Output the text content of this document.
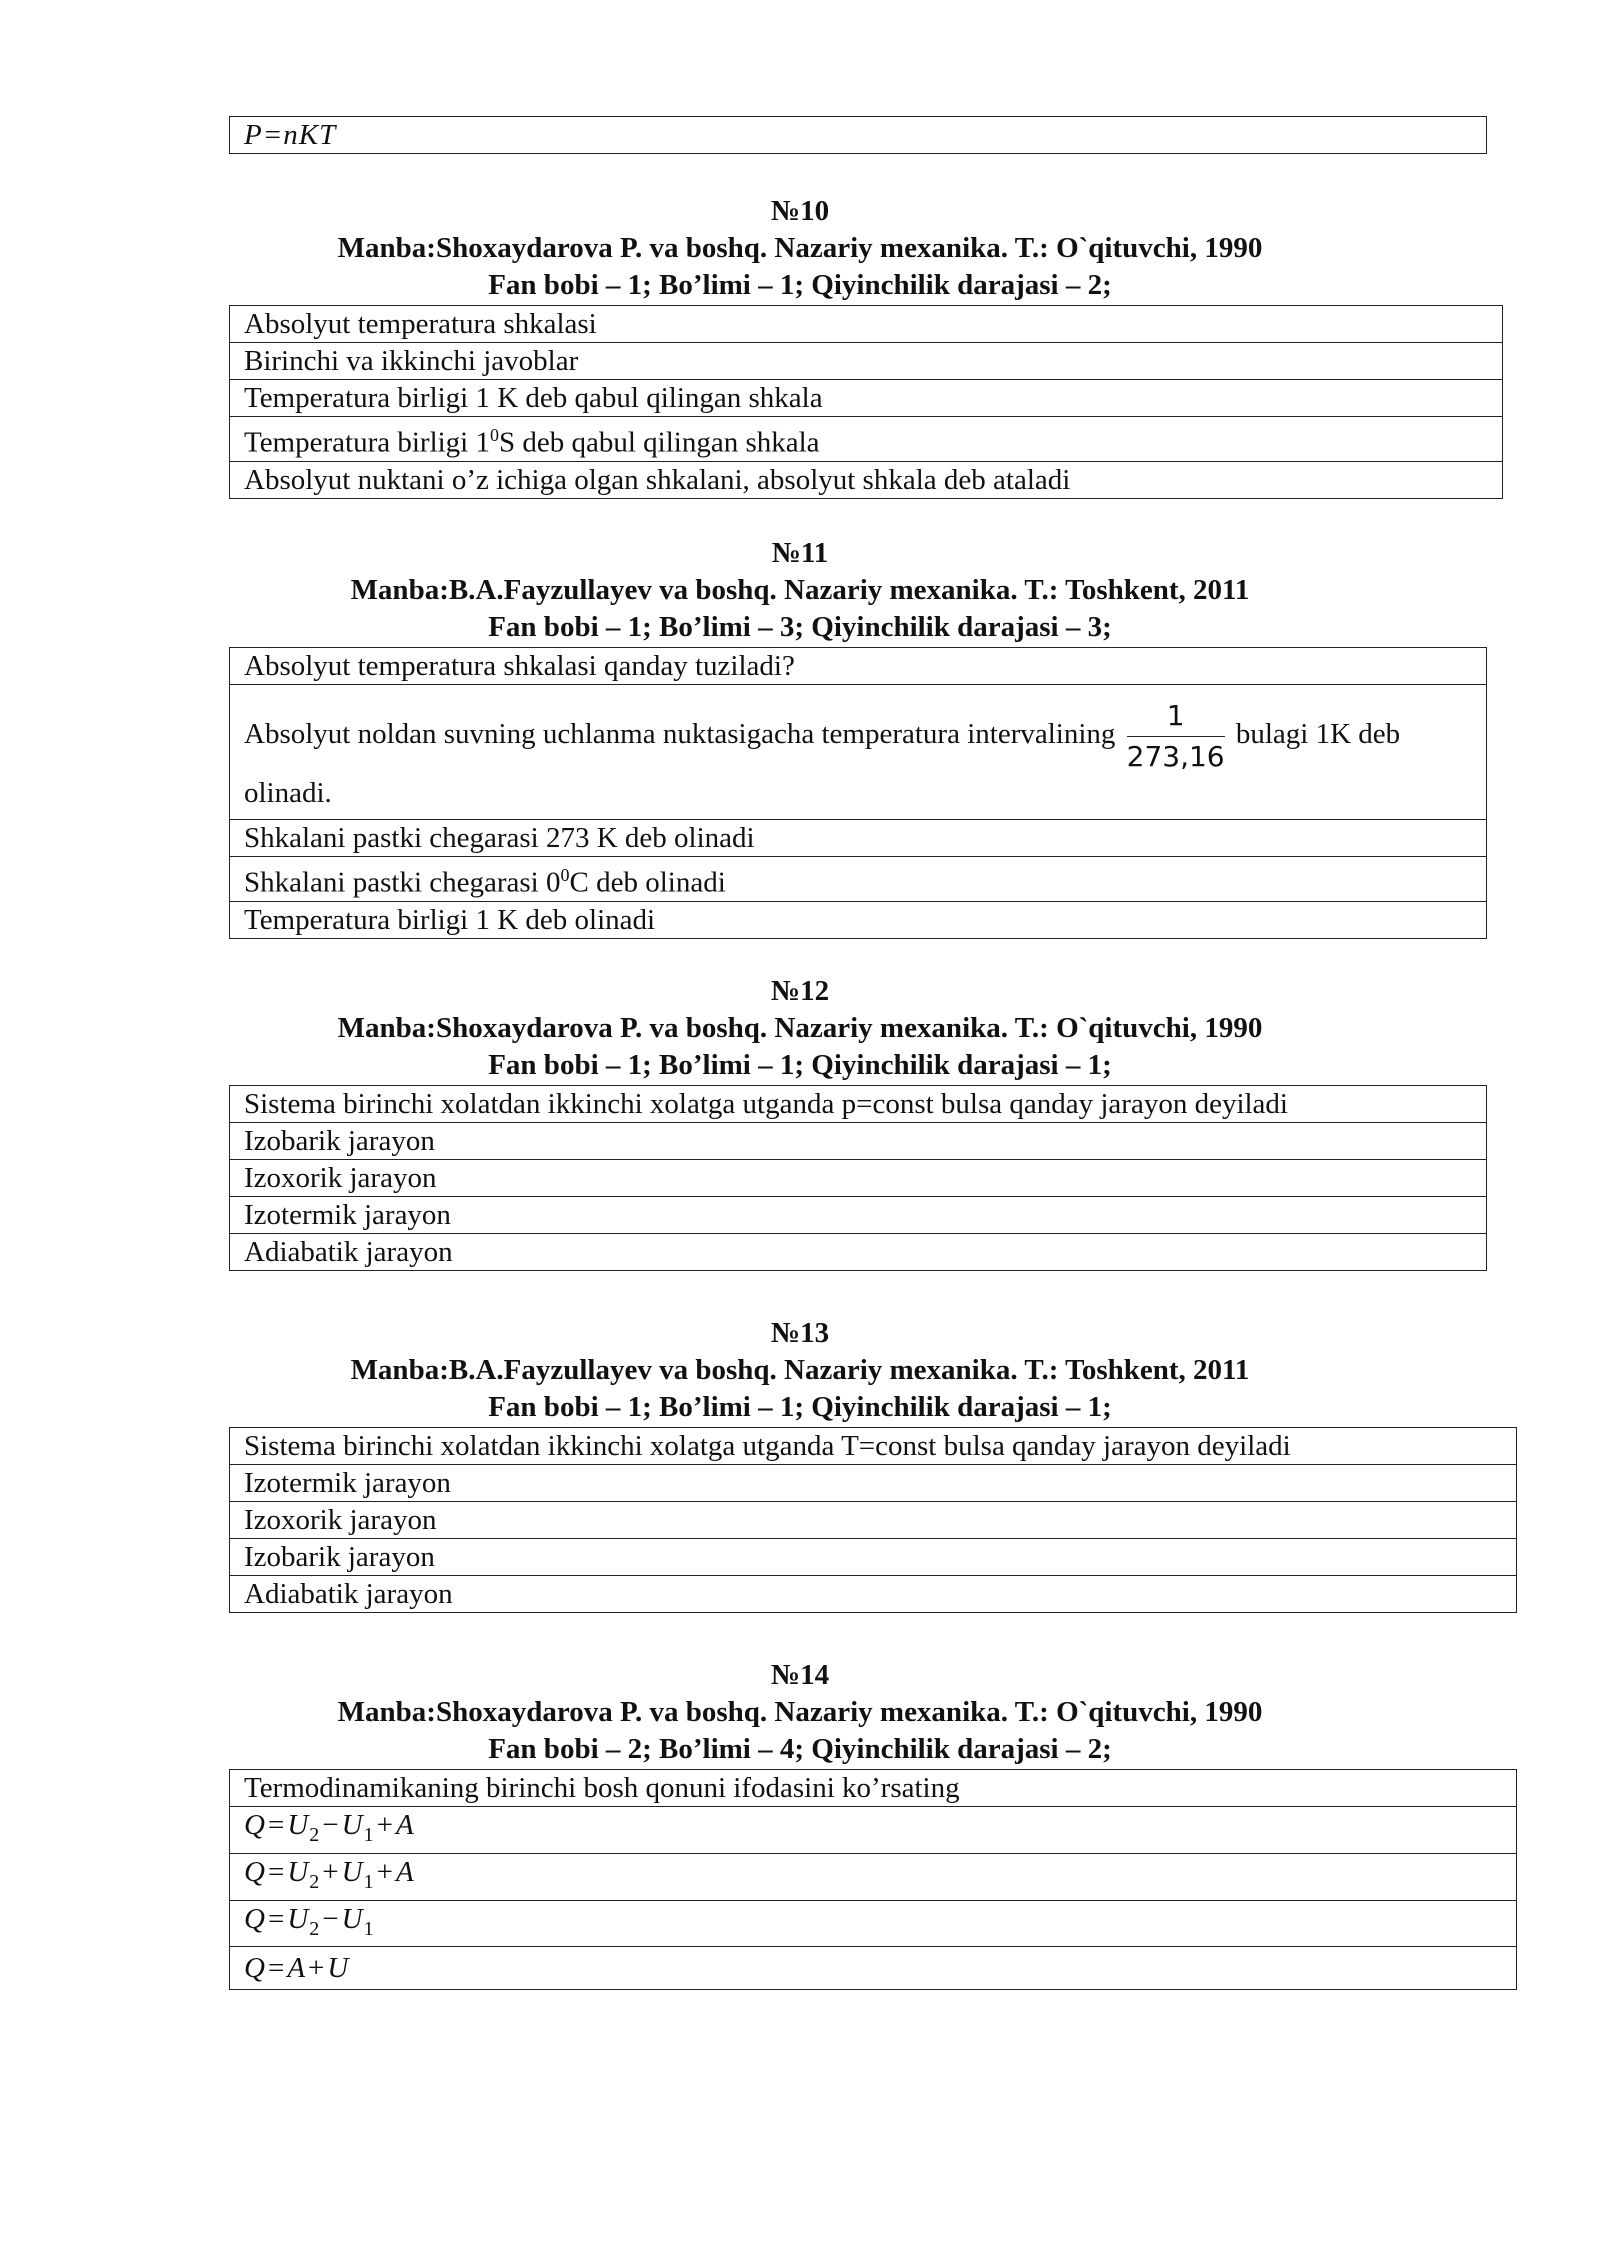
P=nKT
№10
Manba:Shoxaydarova P. va boshq. Nazariy mexanika. T.: O`qituvchi, 1990
Fan bobi – 1; Bo’limi – 1; Qiyinchilik darajasi – 2;
Absolyut temperatura shkalasi
Birinchi va ikkinchi javoblar
Temperatura birligi 1 K deb qabul qilingan shkala
Temperatura birligi $1^0S$ deb qabul qilingan shkala
Absolyut nuktani o’z ichiga olgan shkalani, absolyut shkala deb ataladi
№11
Manba:B.A.Fayzullayev va boshq. Nazariy mexanika. T.: Toshkent, 2011
Fan bobi – 1; Bo’limi – 3; Qiyinchilik darajasi – 3;
Absolyut temperatura shkalasi qanday tuziladi?
Absolyut noldan suvning uchlanma nuktasigacha temperatura intervalining $\frac{1}{273,16}$ bulagi 1K deb olinadi.
Shkalani pastki chegarasi 273 K deb olinadi
Shkalani pastki chegarasi $0^0C$ deb olinadi
Temperatura birligi 1 K deb olinadi
№12
Manba:Shoxaydarova P. va boshq. Nazariy mexanika. T.: O`qituvchi, 1990
Fan bobi – 1; Bo’limi – 1; Qiyinchilik darajasi – 1;
Sistema birinchi xolatdan ikkinchi xolatga utganda p=const bulsa qanday jarayon deyiladi
Izobarik jarayon
Izoxorik jarayon
Izotermik jarayon
Adiabatik jarayon
№13
Manba:B.A.Fayzullayev va boshq. Nazariy mexanika. T.: Toshkent, 2011
Fan bobi – 1; Bo’limi – 1; Qiyinchilik darajasi – 1;
Sistema birinchi xolatdan ikkinchi xolatga utganda T=const bulsa qanday jarayon deyiladi
Izotermik jarayon
Izoxorik jarayon
Izobarik jarayon
Adiabatik jarayon
№14
Manba:Shoxaydarova P. va boshq. Nazariy mexanika. T.: O`qituvchi, 1990
Fan bobi – 2; Bo’limi – 4; Qiyinchilik darajasi – 2;
Termodinamikaning birinchi bosh qonuni ifodasini ko’rsating
$Q=U_2-U_1+A$
$Q=U_2+U_1+A$
$Q=U_2-U_1$
Q=A+U
